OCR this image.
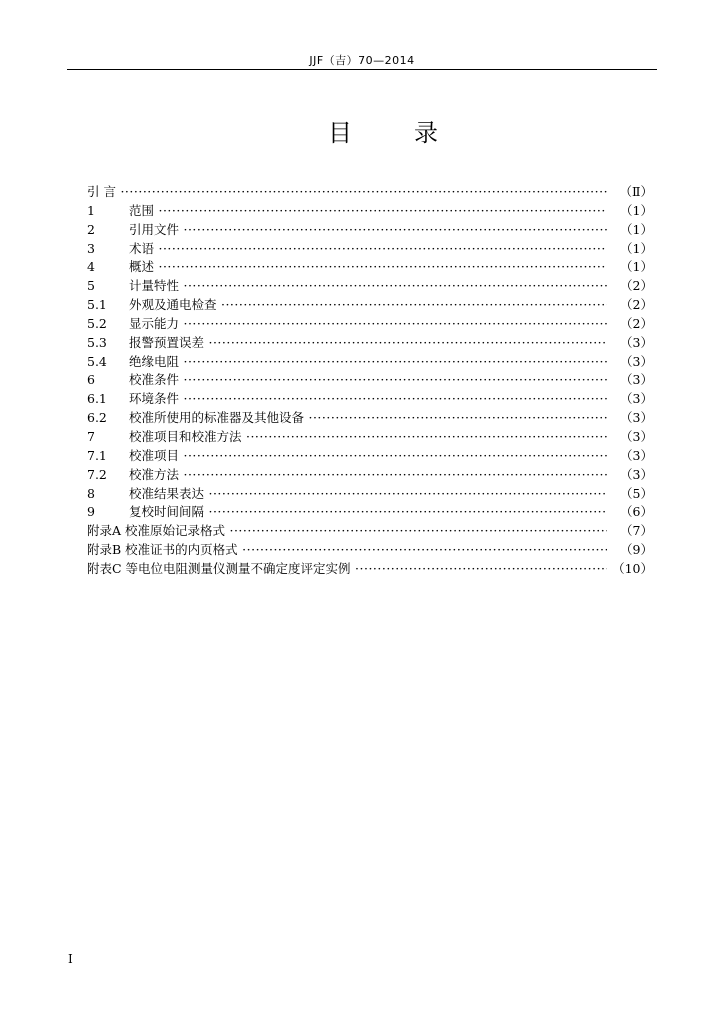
JJF（吉）70—2014
目	录
引 言 ·····	（Ⅱ）
1	范围 ·····	（1）
2	引用文件 ·····	（1）
3	术语 ·····	（1）
4	概述 ·····	（1）
5	计量特性 ·····	（2）
5.1 外观及通电检查 ·····	（2）
5.2 显示能力 ·····	（2）
5.3 报警预置误差 ·····	（3）
5.4 绝缘电阻 ·····	（3）
6	校准条件 ·····	（3）
6.1 环境条件 ·····	（3）
6.2 校准所使用的标准器及其他设备 ·····	（3）
7	校准项目和校准方法 ·····	（3）
7.1 校准项目 ·····	（3）
7.2 校准方法 ·····	（3）
8	校准结果表达 ·····	（5）
9	复校时间间隔 ·····	（6）
附录A 校准原始记录格式 ·····	（7）
附录B 校准证书的内页格式 ·····	（9）
附表C 等电位电阻测量仪测量不确定度评定实例 ·····	（10）
Ⅰ
